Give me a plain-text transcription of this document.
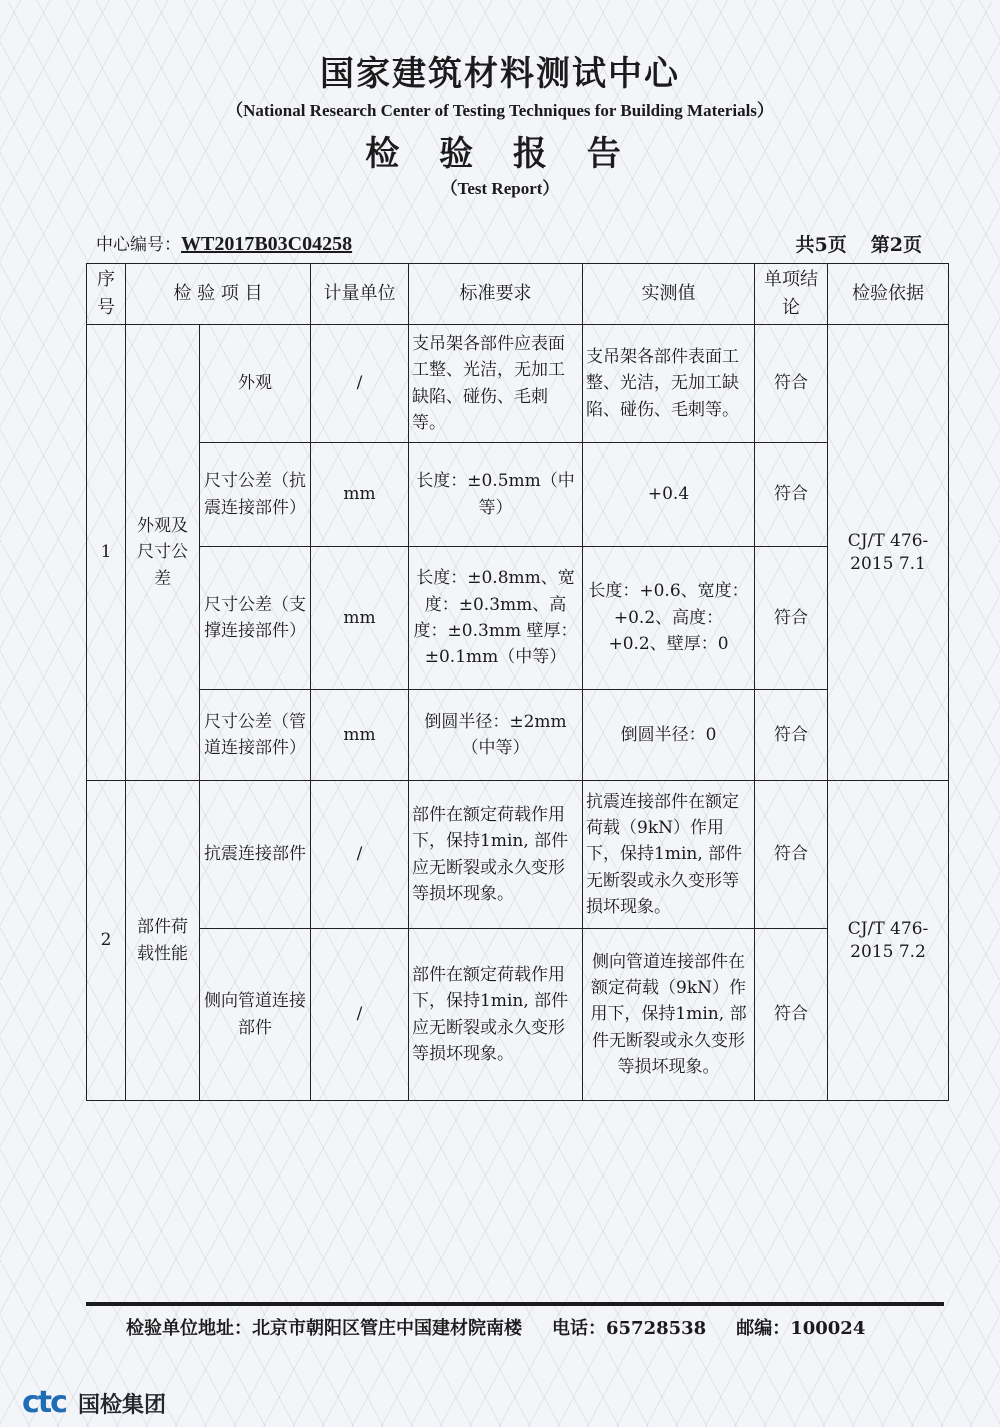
国家建筑材料测试中心
（National Research Center of Testing Techniques for Building Materials）
检 验 报 告
（Test Report）
中心编号：WT2017B03C04258	共5页 第2页
序号	检 验 项 目		计量单位	标准要求	实测值	单项结论	检验依据
1	外观及尺寸公差	外观	/	支吊架各部件应表面工整、光洁，无加工缺陷、碰伤、毛刺等。	支吊架各部件表面工整、光洁，无加工缺陷、碰伤、毛刺等。	符合	CJ/T 476-2015 7.1
		尺寸公差（抗震连接部件）	mm	长度：±0.5mm（中等）	+0.4	符合	
		尺寸公差（支撑连接部件）	mm	长度：±0.8mm、宽度：±0.3mm、高度：±0.3mm 壁厚：±0.1mm（中等）	长度：+0.6、宽度：+0.2、高度：+0.2、壁厚：0	符合	
		尺寸公差（管道连接部件）	mm	倒圆半径：±2mm（中等）	倒圆半径：0	符合	
2	部件荷载性能	抗震连接部件	/	部件在额定荷载作用下，保持1min, 部件应无断裂或永久变形等损坏现象。	抗震连接部件在额定荷载（9kN）作用下，保持1min, 部件无断裂或永久变形等损坏现象。	符合	CJ/T 476-2015 7.2
		侧向管道连接部件	/	部件在额定荷载作用下，保持1min, 部件应无断裂或永久变形等损坏现象。	侧向管道连接部件在额定荷载（9kN）作用下，保持1min, 部件无断裂或永久变形等损坏现象。	符合	
检验单位地址：北京市朝阳区管庄中国建材院南楼 电话：65728538 邮编：100024
ctc 国检集团
